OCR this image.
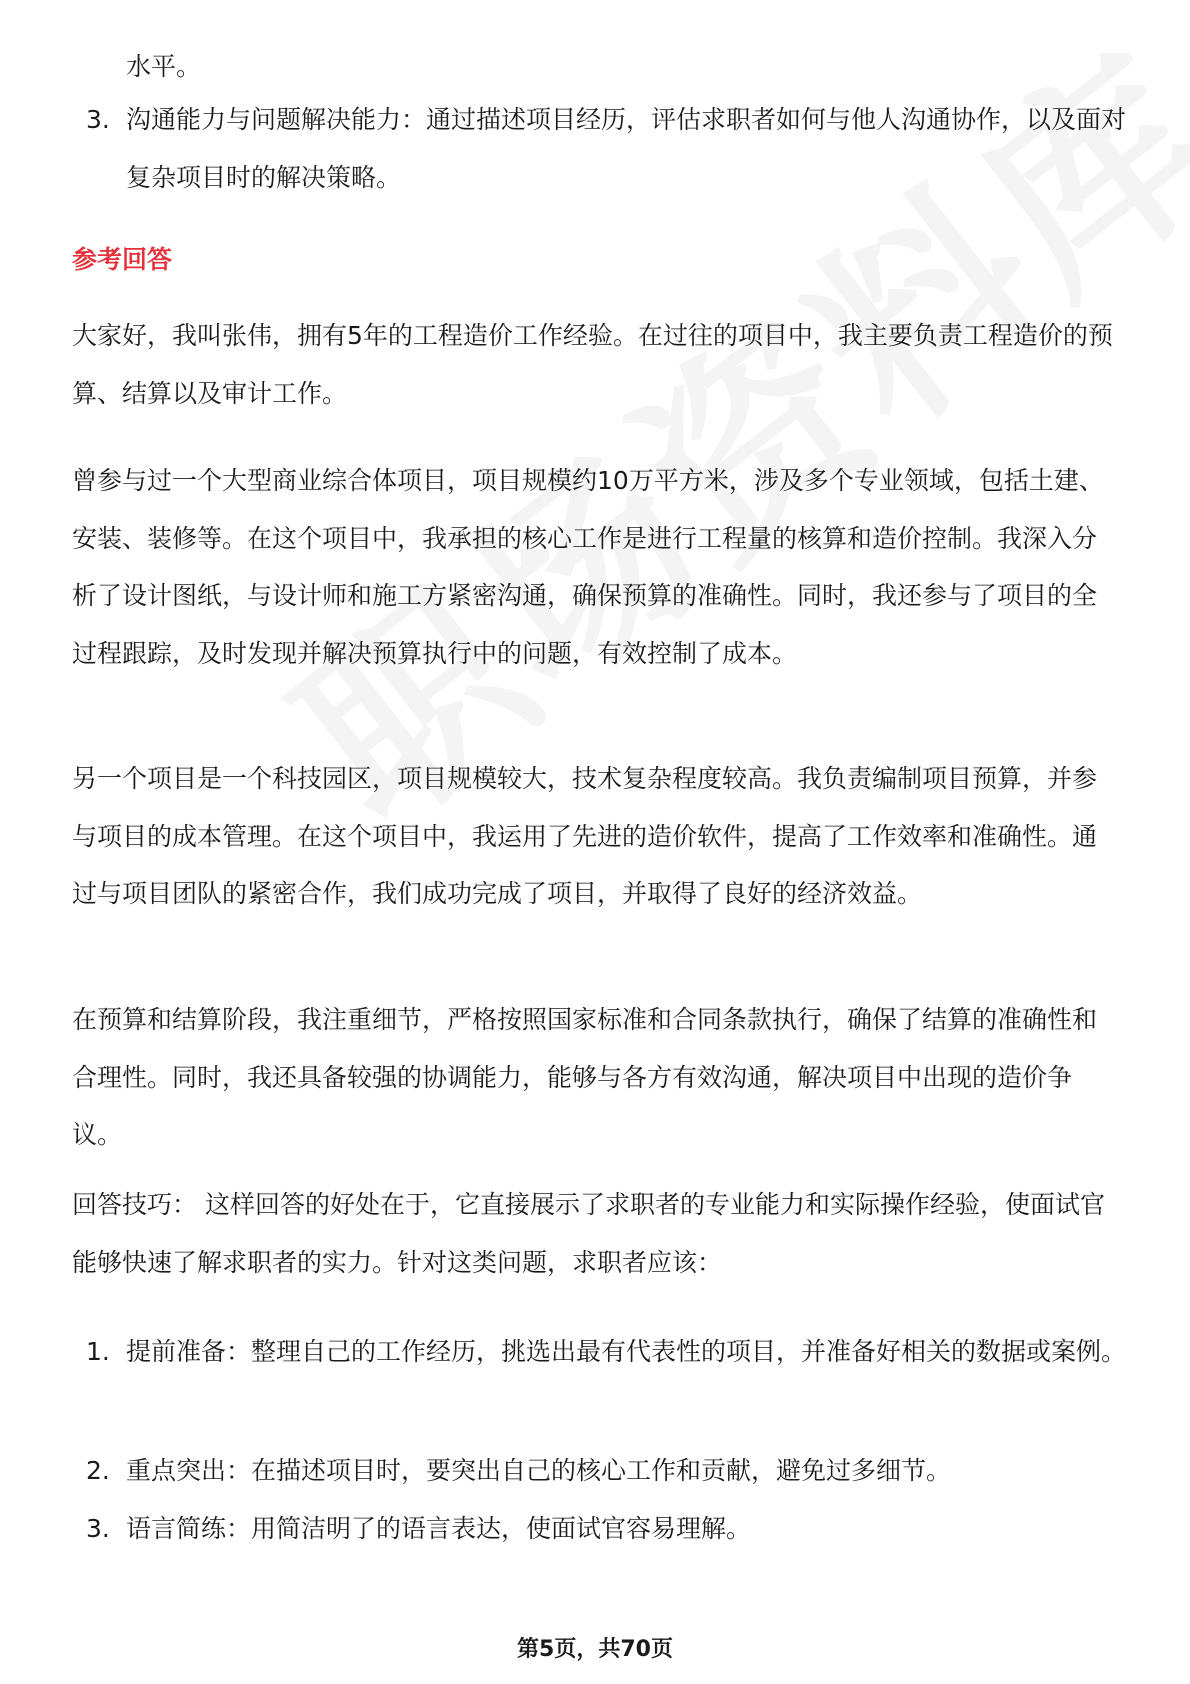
水平。
3. 沟通能力与问题解决能力：通过描述项目经历，评估求职者如何与他人沟通协作，以及面对复杂项目时的解决策略。
参考回答
大家好，我叫张伟，拥有5年的工程造价工作经验。在过往的项目中，我主要负责工程造价的预算、结算以及审计工作。
曾参与过一个大型商业综合体项目，项目规模约10万平方米，涉及多个专业领域，包括土建、安装、装修等。在这个项目中，我承担的核心工作是进行工程量的核算和造价控制。我深入分析了设计图纸，与设计师和施工方紧密沟通，确保预算的准确性。同时，我还参与了项目的全过程跟踪，及时发现并解决预算执行中的问题，有效控制了成本。
另一个项目是一个科技园区，项目规模较大，技术复杂程度较高。我负责编制项目预算，并参与项目的成本管理。在这个项目中，我运用了先进的造价软件，提高了工作效率和准确性。通过与项目团队的紧密合作，我们成功完成了项目，并取得了良好的经济效益。
在预算和结算阶段，我注重细节，严格按照国家标准和合同条款执行，确保了结算的准确性和合理性。同时，我还具备较强的协调能力，能够与各方有效沟通，解决项目中出现的造价争议。
回答技巧： 这样回答的好处在于，它直接展示了求职者的专业能力和实际操作经验，使面试官能够快速了解求职者的实力。针对这类问题，求职者应该：
1. 提前准备：整理自己的工作经历，挑选出最有代表性的项目，并准备好相关的数据或案例。
2. 重点突出：在描述项目时，要突出自己的核心工作和贡献，避免过多细节。
3. 语言简练：用简洁明了的语言表达，使面试官容易理解。
第5页，共70页
